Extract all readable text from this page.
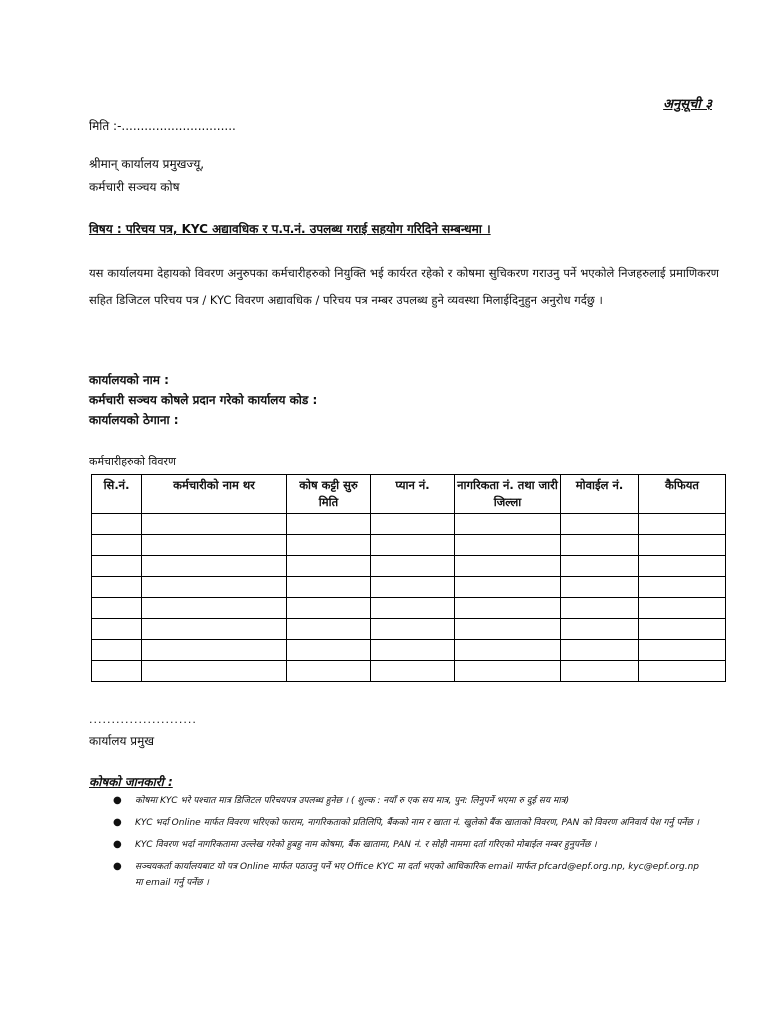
अनुसूची ३
मिति :-..............................
श्रीमान् कार्यालय प्रमुखज्यू,
कर्मचारी सञ्चय कोष
विषय : परिचय पत्र, KYC अद्यावधिक र प.प.नं. उपलब्ध गराई सहयोग गरिदिने सम्बन्धमा ।
यस कार्यालयमा देहायको विवरण अनुरुपका कर्मचारीहरुको नियुक्ति भई कार्यरत रहेको र कोषमा सुचिकरण गराउनु पर्ने भएकोले निजहरुलाई प्रमाणिकरण सहित डिजिटल परिचय पत्र / KYC विवरण अद्यावधिक / परिचय पत्र नम्बर उपलब्ध हुने व्यवस्था मिलाईदिनुहुन अनुरोध गर्दछु ।
कार्यालयको नाम :
कर्मचारी सञ्चय कोषले प्रदान गरेको कार्यालय कोड :
कार्यालयको ठेगाना :
कर्मचारीहरुको विवरण
सि.नं.	कर्मचारीको नाम थर	कोष कट्टी सुरु मिति	प्यान नं.	नागरिकता नं. तथा जारी जिल्ला	मोवाईल नं.	कैफियत

........................
कार्यालय प्रमुख
कोषको जानकारी :
● कोषमा KYC भरे पश्चात मात्र डिजिटल परिचयपत्र उपलब्ध हुनेछ । ( शुल्क : नयाँ रु एक सय मात्र, पुन: लिनुपर्ने भएमा रु दुई सय मात्र)
● KYC भर्दा Online मार्फत विवरण भरिएको फाराम, नागरिकताको प्रतिलिपि, बैंकको नाम र खाता नं. खुलेको बैंक खाताको विवरण, PAN को विवरण अनिवार्य पेश गर्नु पर्नेछ ।
● KYC विवरण भर्दा नागरिकतामा उल्लेख गरेको हुबहु नाम कोषमा, बैंक खातामा, PAN नं. र सोही नाममा दर्ता गरिएको मोबाईल नम्बर हुनुपर्नेछ ।
● सञ्चयकर्ता कार्यालयबाट यो पत्र Online मार्फत पठाउनु पर्ने भए Office KYC मा दर्ता भएको आधिकारिक email मार्फत pfcard@epf.org.np, kyc@epf.org.np मा email गर्नु पर्नेछ ।
